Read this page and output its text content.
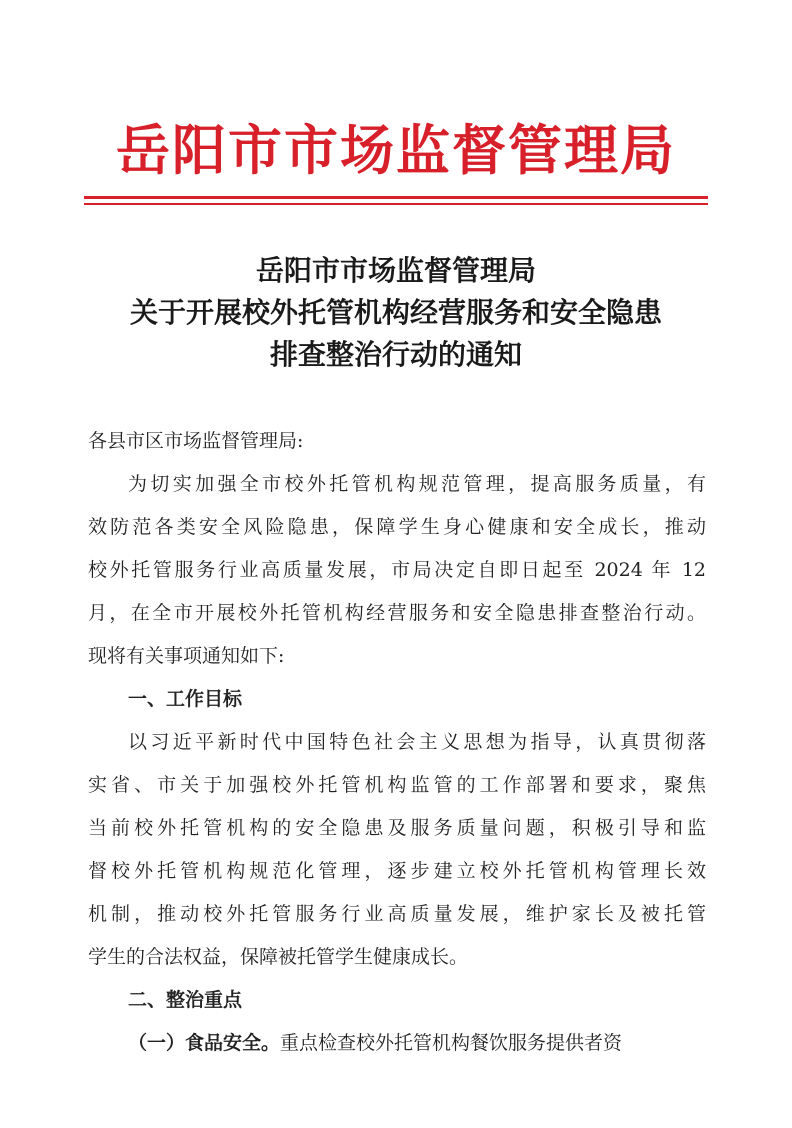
岳阳市市场监督管理局
岳阳市市场监督管理局
关于开展校外托管机构经营服务和安全隐患
排查整治行动的通知
各县市区市场监督管理局:
为切实加强全市校外托管机构规范管理，提高服务质量，有
效防范各类安全风险隐患，保障学生身心健康和安全成长，推动
校外托管服务行业高质量发展，市局决定自即日起至 2024 年 12
月，在全市开展校外托管机构经营服务和安全隐患排查整治行动。
现将有关事项通知如下:
一、工作目标
以习近平新时代中国特色社会主义思想为指导，认真贯彻落
实省、市关于加强校外托管机构监管的工作部署和要求，聚焦
当前校外托管机构的安全隐患及服务质量问题，积极引导和监
督校外托管机构规范化管理，逐步建立校外托管机构管理长效
机制，推动校外托管服务行业高质量发展，维护家长及被托管
学生的合法权益，保障被托管学生健康成长。
二、整治重点
（一）食品安全。重点检查校外托管机构餐饮服务提供者资
